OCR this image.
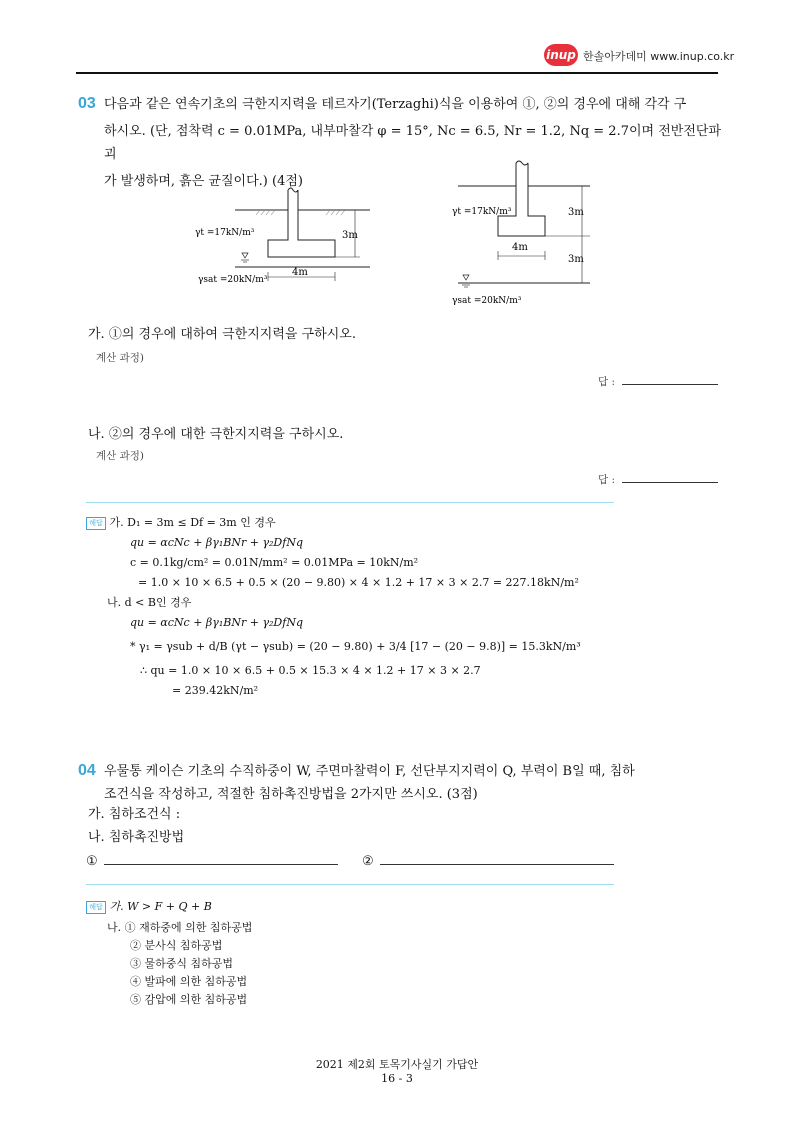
inup 한솔아카데미 www.inup.co.kr
03 다음과 같은 연속기초의 극한지지력을 테르자기(Terzaghi)식을 이용하여 ①, ②의 경우에 대해 각각 구
하시오. (단, 점착력 c = 0.01MPa, 내부마찰각 φ = 15°, Nc = 6.5, Nr = 1.2, Nq = 2.7이며 전반전단파괴
가 발생하며, 흙은 균질이다.) (4점)
γt =17kN/m³	3m
4m
γsat =20kN/m³
γt =17kN/m³	3m
4m
3m
γsat =20kN/m³
가. ①의 경우에 대하여 극한지지력을 구하시오.
계산 과정)
답 :
나. ②의 경우에 대한 극한지지력을 구하시오.
계산 과정)
답 :
해답 가. D₁ = 3m ≤ Df = 3m 인 경우
qu = αcNc + βγ₁BNr + γ₂DfNq
c = 0.1kg/cm² = 0.01N/mm² = 0.01MPa = 10kN/m²
= 1.0 × 10 × 6.5 + 0.5 × (20 − 9.80) × 4 × 1.2 + 17 × 3 × 2.7 = 227.18kN/m²
나. d < B인 경우
qu = αcNc + βγ₁BNr + γ₂DfNq
* γ₁ = γsub + d/B (γt − γsub) = (20 − 9.80) + 3/4 [17 − (20 − 9.8)] = 15.3kN/m³
∴ qu = 1.0 × 10 × 6.5 + 0.5 × 15.3 × 4 × 1.2 + 17 × 3 × 2.7
= 239.42kN/m²
04 우물통 케이슨 기초의 수직하중이 W, 주면마찰력이 F, 선단부지지력이 Q, 부력이 B일 때, 침하
조건식을 작성하고, 적절한 침하촉진방법을 2가지만 쓰시오. (3점)
가. 침하조건식 :
나. 침하촉진방법
①	②
해답 가. W > F + Q + B
나. ① 재하중에 의한 침하공법
② 분사식 침하공법
③ 물하중식 침하공법
④ 발파에 의한 침하공법
⑤ 감압에 의한 침하공법
2021 제2회 토목기사실기 가답안
16 - 3
